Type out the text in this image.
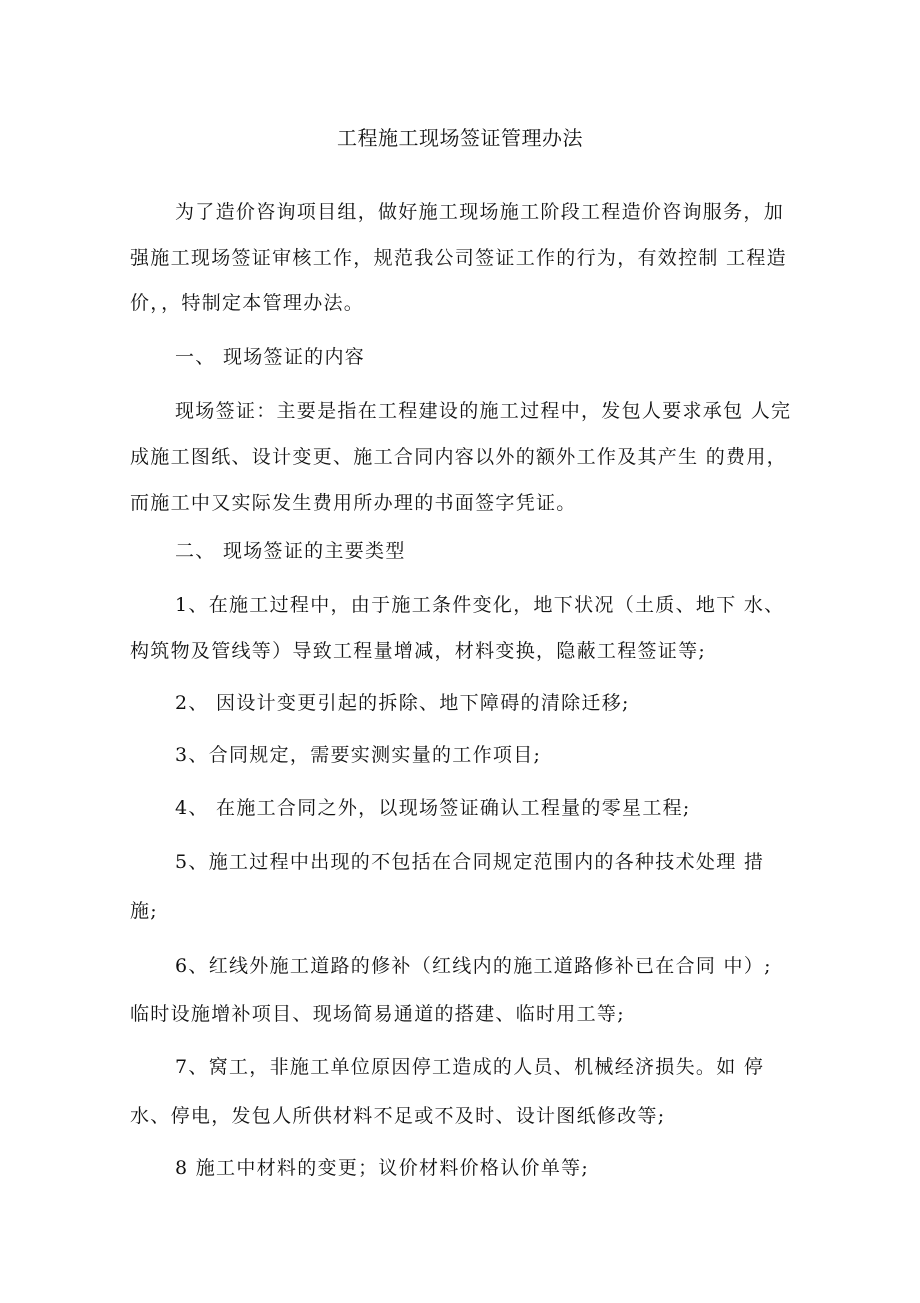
工程施工现场签证管理办法
为了造价咨询项目组，做好施工现场施工阶段工程造价咨询服务，加
强施工现场签证审核工作，规范我公司签证工作的行为，有效控制 工程造
价，，特制定本管理办法。
一、 现场签证的内容
现场签证：主要是指在工程建设的施工过程中，发包人要求承包 人完
成施工图纸、设计变更、施工合同内容以外的额外工作及其产生 的费用，
而施工中又实际发生费用所办理的书面签字凭证。
二、 现场签证的主要类型
1、在施工过程中，由于施工条件变化，地下状况（土质、地下 水、
构筑物及管线等）导致工程量增减，材料变换，隐蔽工程签证等;
2、 因设计变更引起的拆除、地下障碍的清除迁移;
3、合同规定，需要实测实量的工作项目;
4、 在施工合同之外，以现场签证确认工程量的零星工程;
5、施工过程中出现的不包括在合同规定范围内的各种技术处理 措
施;
6、红线外施工道路的修补（红线内的施工道路修补已在合同 中）;
临时设施增补项目、现场简易通道的搭建、临时用工等;
7、窝工，非施工单位原因停工造成的人员、机械经济损失。如 停
水、停电，发包人所供材料不足或不及时、设计图纸修改等;
8 施工中材料的变更；议价材料价格认价单等;
